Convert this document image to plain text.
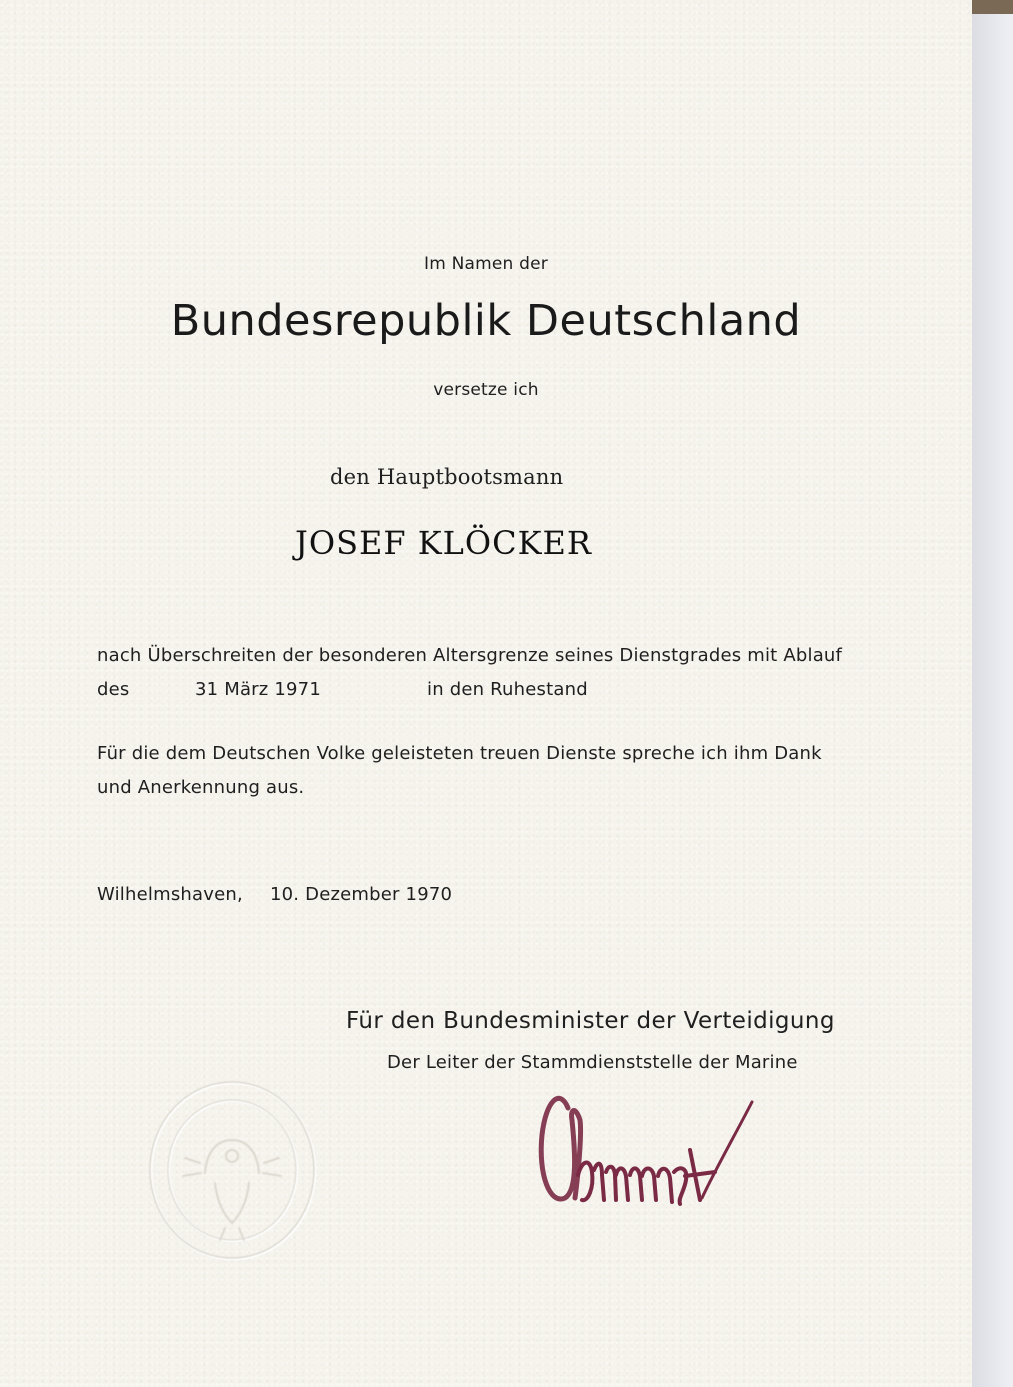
Im Namen der

Bundesrepublik Deutschland

versetze ich

den Hauptbootsmann

JOSEF KLÖCKER

nach Überschreiten der besonderen Altersgrenze seines Dienstgrades mit Ablauf

des	31 März 1971	in den Ruhestand

Für die dem Deutschen Volke geleisteten treuen Dienste spreche ich ihm Dank

und Anerkennung aus.

Wilhelmshaven, 10. Dezember 1970

Für den Bundesminister der Verteidigung

Der Leiter der Stammdienststelle der Marine
